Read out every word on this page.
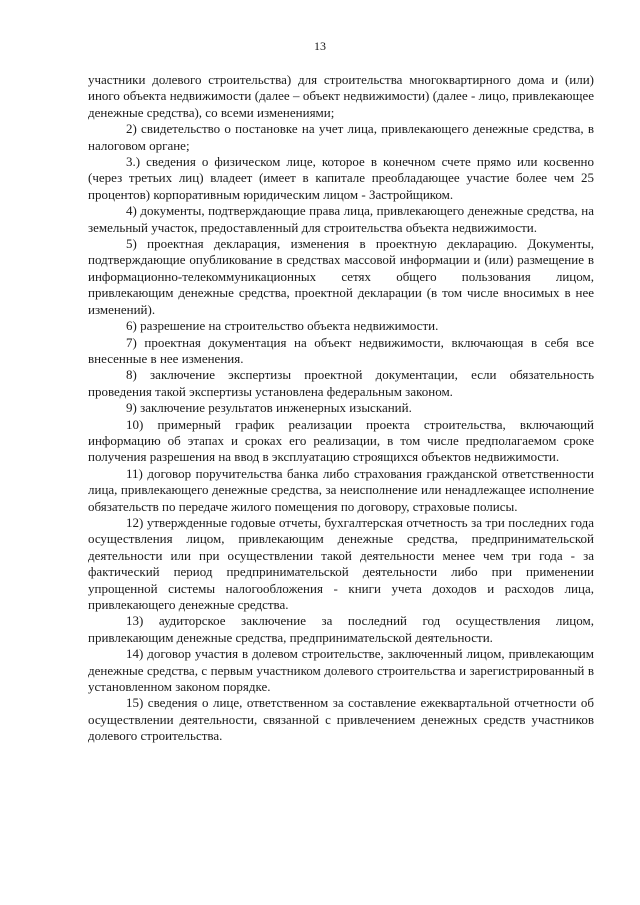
13

участники долевого строительства) для строительства многоквартирного дома и (или) иного объекта недвижимости (далее – объект недвижимости) (далее - лицо, привлекающее денежные средства), со всеми изменениями;

2) свидетельство о постановке на учет лица, привлекающего денежные средства, в налоговом органе;

3.) сведения о физическом лице, которое в конечном счете прямо или косвенно (через третьих лиц) владеет (имеет в капитале преобладающее участие более чем 25 процентов) корпоративным юридическим лицом - Застройщиком.

4) документы, подтверждающие права лица, привлекающего денежные средства, на земельный участок, предоставленный для строительства объекта недвижимости.

5) проектная декларация, изменения в проектную декларацию. Документы, подтверждающие опубликование в средствах массовой информации и (или) размещение в информационно-телекоммуникационных сетях общего пользования лицом, привлекающим денежные средства, проектной декларации (в том числе вносимых в нее изменений).

6) разрешение на строительство объекта недвижимости.

7) проектная документация на объект недвижимости, включающая в себя все внесенные в нее изменения.

8) заключение экспертизы проектной документации, если обязательность проведения такой экспертизы установлена федеральным законом.

9) заключение результатов инженерных изысканий.

10) примерный график реализации проекта строительства, включающий информацию об этапах и сроках его реализации, в том числе предполагаемом сроке получения разрешения на ввод в эксплуатацию строящихся объектов недвижимости.

11) договор поручительства банка либо страхования гражданской ответственности лица, привлекающего денежные средства, за неисполнение или ненадлежащее исполнение обязательств по передаче жилого помещения по договору, страховые полисы.

12) утвержденные годовые отчеты, бухгалтерская отчетность за три последних года осуществления лицом, привлекающим денежные средства, предпринимательской деятельности или при осуществлении такой деятельности менее чем три года - за фактический период предпринимательской деятельности либо при применении упрощенной системы налогообложения - книги учета доходов и расходов лица, привлекающего денежные средства.

13) аудиторское заключение за последний год осуществления лицом, привлекающим денежные средства, предпринимательской деятельности.

14) договор участия в долевом строительстве, заключенный лицом, привлекающим денежные средства, с первым участником долевого строительства и зарегистрированный в установленном законом порядке.

15) сведения о лице, ответственном за составление ежеквартальной отчетности об осуществлении деятельности, связанной с привлечением денежных средств участников долевого строительства.
